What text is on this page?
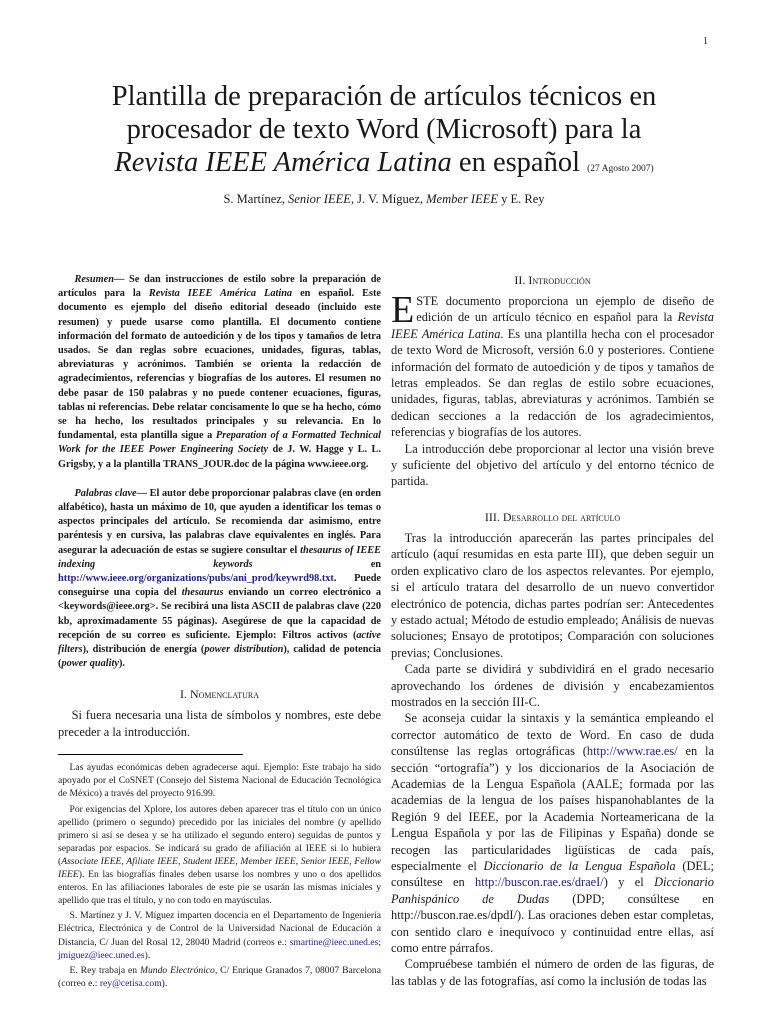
1
Plantilla de preparación de artículos técnicos en
procesador de texto Word (Microsoft) para la
Revista IEEE América Latina en español (27 Agosto 2007)
S. Martínez, Senior IEEE, J. V. Míguez, Member IEEE y E. Rey

Resumen— Se dan instrucciones de estilo sobre la preparación de artículos para la Revista IEEE América Latina en español. Este documento es ejemplo del diseño editorial deseado (incluido este resumen) y puede usarse como plantilla. El documento contiene información del formato de autoedición y de los tipos y tamaños de letra usados. Se dan reglas sobre ecuaciones, unidades, figuras, tablas, abreviaturas y acrónimos. También se orienta la redacción de agradecimientos, referencias y biografías de los autores. El resumen no debe pasar de 150 palabras y no puede contener ecuaciones, figuras, tablas ni referencias. Debe relatar concisamente lo que se ha hecho, cómo se ha hecho, los resultados principales y su relevancia. En lo fundamental, esta plantilla sigue a Preparation of a Formatted Technical Work for the IEEE Power Engineering Society de J. W. Hagge y L. L. Grigsby, y a la plantilla TRANS_JOUR.doc de la página www.ieee.org.

Palabras clave— El autor debe proporcionar palabras clave (en orden alfabético), hasta un máximo de 10, que ayuden a identificar los temas o aspectos principales del artículo. Se recomienda dar asimismo, entre paréntesis y en cursiva, las palabras clave equivalentes en inglés. Para asegurar la adecuación de estas se sugiere consultar el thesaurus of IEEE indexing keywords en http://www.ieee.org/organizations/pubs/ani_prod/keywrd98.txt. Puede conseguirse una copia del thesaurus enviando un correo electrónico a <keywords@ieee.org>. Se recibirá una lista ASCII de palabras clave (220 kb, aproximadamente 55 páginas). Asegúrese de que la capacidad de recepción de su correo es suficiente. Ejemplo: Filtros activos (active filters), distribución de energía (power distribution), calidad de potencia (power quality).

I. Nomenclatura

Si fuera necesaria una lista de símbolos y nombres, este debe preceder a la introducción.

Las ayudas económicas deben agradecerse aquí. Ejemplo: Este trabajo ha sido apoyado por el CoSNET (Consejo del Sistema Nacional de Educación Tecnológica de México) a través del proyecto 916.99.

Por exigencias del Xplore, los autores deben aparecer tras el título con un único apellido (primero o segundo) precedido por las iniciales del nombre (y apellido primero si así se desea y se ha utilizado el segundo entero) seguidas de puntos y separadas por espacios. Se indicará su grado de afiliación al IEEE si lo hubiera (Associate IEEE, Afiliate IEEE, Student IEEE, Member IEEE, Senior IEEE, Fellow IEEE). En las biografías finales deben usarse los nombres y uno o dos apellidos enteros. En las afiliaciones laborales de este pie se usarán las mismas iniciales y apellido que tras el título, y no con todo en mayúsculas.

S. Martínez y J. V. Míguez imparten docencia en el Departamento de Ingeniería Eléctrica, Electrónica y de Control de la Universidad Nacional de Educación a Distancia, C/ Juan del Rosal 12, 28040 Madrid (correos e.: smartine@ieec.uned.es; jmiguez@ieec.uned.es).

E. Rey trabaja en Mundo Electrónico, C/ Enrique Granados 7, 08007 Barcelona (correo e.: rey@cetisa.com).

II. Introducción

ESTE documento proporciona un ejemplo de diseño de edición de un artículo técnico en español para la Revista IEEE América Latina. Es una plantilla hecha con el procesador de texto Word de Microsoft, versión 6.0 y posteriores. Contiene información del formato de autoedición y de tipos y tamaños de letras empleados. Se dan reglas de estilo sobre ecuaciones, unidades, figuras, tablas, abreviaturas y acrónimos. También se dedican secciones a la redacción de los agradecimientos, referencias y biografías de los autores.

La introducción debe proporcionar al lector una visión breve y suficiente del objetivo del artículo y del entorno técnico de partida.

III. Desarrollo del artículo

Tras la introducción aparecerán las partes principales del artículo (aquí resumidas en esta parte III), que deben seguir un orden explicativo claro de los aspectos relevantes. Por ejemplo, si el artículo tratara del desarrollo de un nuevo convertidor electrónico de potencia, dichas partes podrían ser: Antecedentes y estado actual; Método de estudio empleado; Análisis de nuevas soluciones; Ensayo de prototipos; Comparación con soluciones previas; Conclusiones.

Cada parte se dividirá y subdividirá en el grado necesario aprovechando los órdenes de división y encabezamientos mostrados en la sección III-C.

Se aconseja cuidar la sintaxis y la semántica empleando el corrector automático de texto de Word. En caso de duda consúltense las reglas ortográficas (http://www.rae.es/ en la sección “ortografía”) y los diccionarios de la Asociación de Academias de la Lengua Española (AALE; formada por las academias de la lengua de los países hispanohablantes de la Región 9 del IEEE, por la Academia Norteamericana de la Lengua Española y por las de Filipinas y España) donde se recogen las particularidades ligüísticas de cada país, especialmente el Diccionario de la Lengua Española (DEL; consúltese en http://buscon.rae.es/draeI/) y el Diccionario Panhispánico de Dudas (DPD; consúltese en http://buscon.rae.es/dpdI/). Las oraciones deben estar completas, con sentido claro e inequívoco y continuidad entre ellas, así como entre párrafos.

Compruébese también el número de orden de las figuras, de las tablas y de las fotografías, así como la inclusión de todas las
